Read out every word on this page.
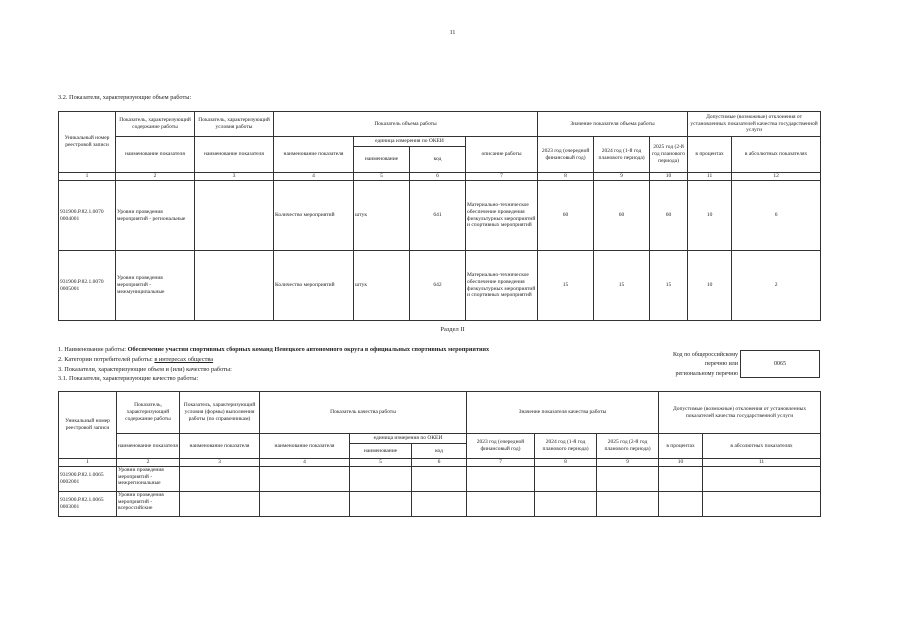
11
3.2. Показатели, характеризующие объем работы:
Уникальный номер реестровой записи	Показатель, характеризующий содержание работы	Показатель, характеризующий условия работы	Показатель объема работы				Значение показателя объема работы			Допустимые (возможные) отклонения от установленных показателей качества государственной услуги	
	наименование показателя	наименование показателя	наименование показателя	единица измерения по ОКЕИ		описание работы	2023 год (очередной финансовый год)	2024 год (1-й год планового периода)	2025 год (2-й год планового периода)	в процентах	в абсолютных показателях
				наименование	код						
1	2	3	4	5	6	7	8	9	10	11	12
931900.Р.82.1.0070 0004001	Уровни проведения мероприятий - региональные		Количество мероприятий	штук	641	Материально-техническое обеспечение проведения физкультурных мероприятий и спортивных мероприятий	60	60	60	10	6
931900.Р.82.1.0070 0005001	Уровни проведения мероприятий - межмуниципальные		Количество мероприятий	штук	642	Материально-техническое обеспечение проведения физкультурных мероприятий и спортивных мероприятий	15	15	15	10	2
Раздел II
1. Наименование работы: Обеспечение участия спортивных сборных команд Ненецкого автономного округа в официальных спортивных мероприятиях
2. Категории потребителей работы: в интересах общества
3. Показатели, характеризующие объем и (или) качество работы:
3.1. Показатели, характеризующие качество работы:
Код по общероссийскому
перечню или
региональному перечню
0065
Уникальный номер реестровой записи	Показатель, характеризующий содержание работы	Показатель, характеризующий условия (формы) выполнения работы (по справочникам)	Показатель качества работы			Значение показателя качества работы			Допустимые (возможные) отклонения от установленных показателей качества государственной услуги	
	наименование показателя	наименование показателя	наименование показателя	единица измерения по ОКЕИ		2023 год (очередной финансовый год)	2024 год (1-й год планового периода)	2025 год (2-й год планового периода)	в процентах	в абсолютных показателях
				наименование	код					
1	2	3	4	5	6	7	8	9	10	11
931900.Р.82.1.0065 0002001	Уровни проведения мероприятий - межрегиональные									
931900.Р.82.1.0065 0003001	Уровни проведения мероприятий - всероссийские									
